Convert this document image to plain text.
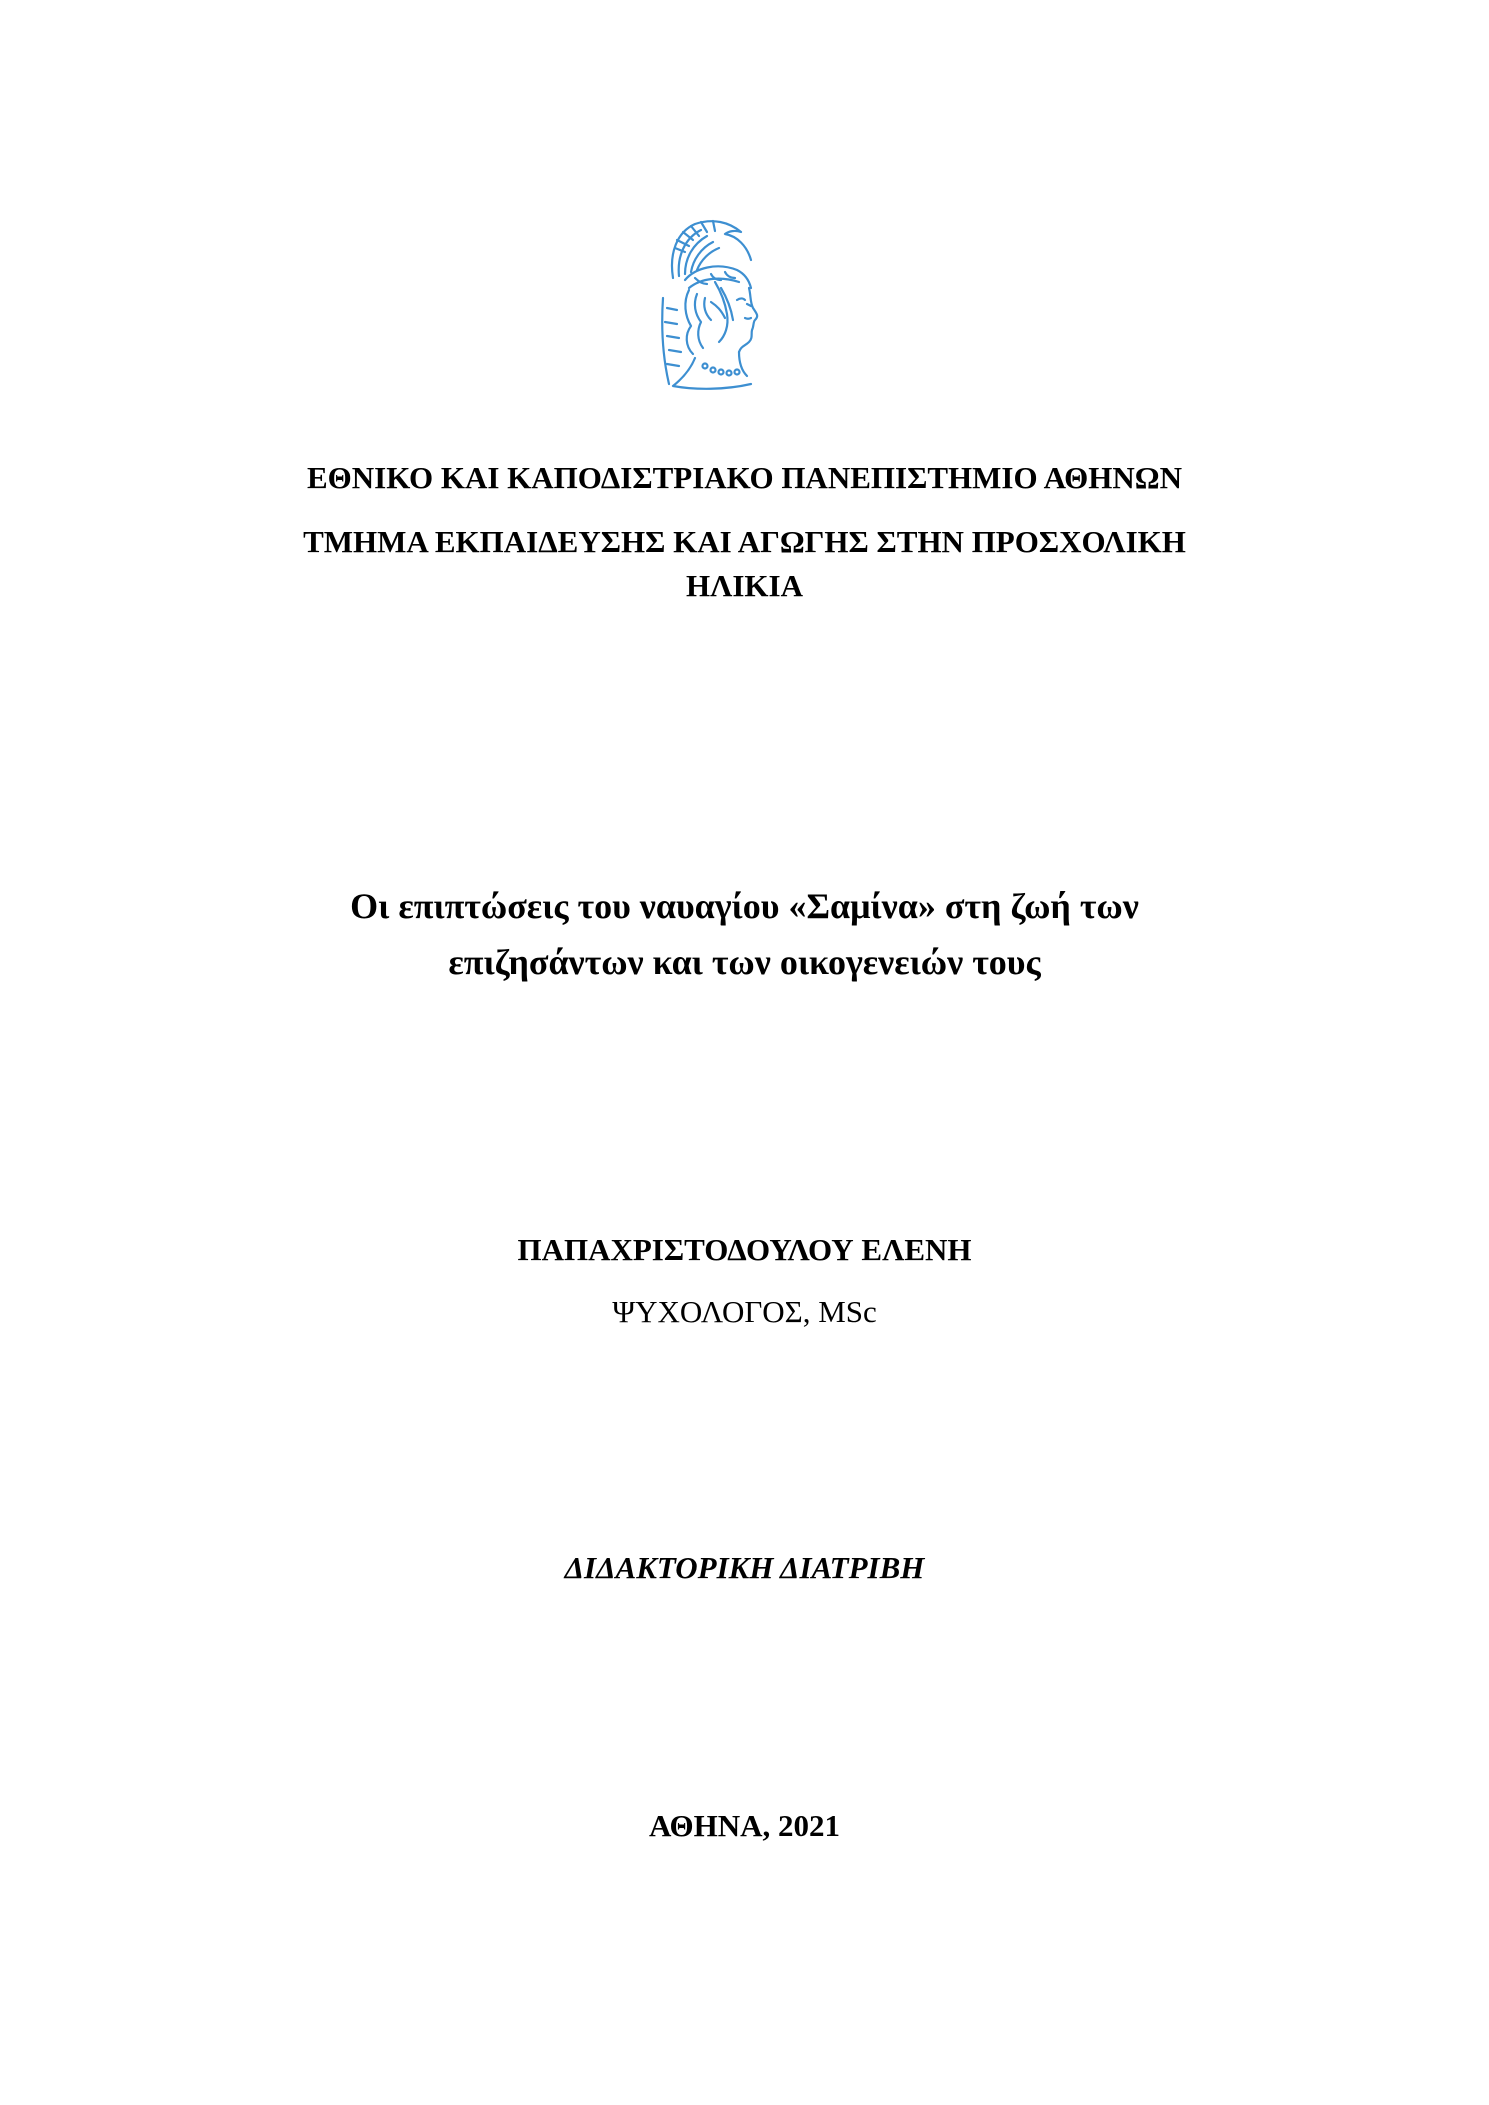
ΕΘΝΙΚΟ ΚΑΙ ΚΑΠΟΔΙΣΤΡΙΑΚΟ ΠΑΝΕΠΙΣΤΗΜΙΟ ΑΘΗΝΩΝ
ΤΜΗΜΑ ΕΚΠΑΙΔΕΥΣΗΣ ΚΑΙ ΑΓΩΓΗΣ ΣΤΗΝ ΠΡΟΣΧΟΛΙΚΗ
ΗΛΙΚΙΑ
Οι επιπτώσεις του ναυαγίου «Σαμίνα» στη ζωή των
επιζησάντων και των οικογενειών τους
ΠΑΠΑΧΡΙΣΤΟΔΟΥΛΟΥ ΕΛΕΝΗ
ΨΥΧΟΛΟΓΟΣ, MSc
ΔΙΔΑΚΤΟΡΙΚΗ ΔΙΑΤΡΙΒΗ
ΑΘΗΝΑ, 2021
